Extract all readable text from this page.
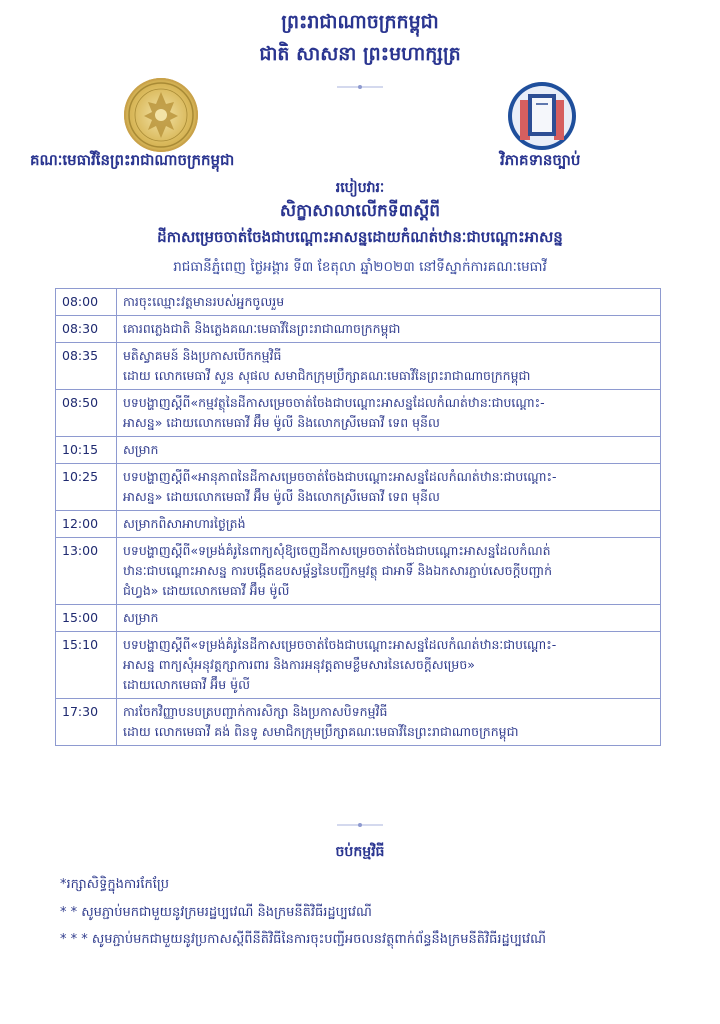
ព្រះរាជាណាចក្រកម្ពុជា
ជាតិ សាសនា ព្រះមហាក្សត្រ
គណៈមេធាវីនៃព្រះរាជាណាចក្រកម្ពុជា	វិភាគទានច្បាប់
របៀបវារៈ
សិក្ខាសាលាលើកទី៣ស្តីពី
ដីកាសម្រេចចាត់ចែងជាបណ្តោះអាសន្នដោយកំណត់ឋានៈជាបណ្តោះអាសន្ន
រាជធានីភ្នំពេញ ថ្ងៃអង្គារ ទី៣ ខែតុលា ឆ្នាំ២០២៣ នៅទីស្នាក់ការគណៈមេធាវី
08:00	ការចុះឈ្មោះវត្តមានរបស់អ្នកចូលរួម
08:30	គោរពភ្លេងជាតិ និងភ្លេងគណៈមេធាវីនៃព្រះរាជាណាចក្រកម្ពុជា
08:35	មតិស្វាគមន៍ និងប្រកាសបើកកម្មវិធី
ដោយ លោកមេធាវី សួន សុផល សមាជិកក្រុមប្រឹក្សាគណៈមេធាវីនៃព្រះរាជាណាចក្រកម្ពុជា
08:50	បទបង្ហាញស្តីពី«កម្មវត្ថុនៃដីកាសម្រេចចាត់ចែងជាបណ្តោះអាសន្នដែលកំណត់ឋានៈជាបណ្តោះ-
អាសន្ន» ដោយលោកមេធាវី អ៊ឹម ម៉ូលី និងលោកស្រីមេធាវី ទេព មុនីល
10:15	សម្រាក
10:25	បទបង្ហាញស្តីពី«អានុភាពនៃដីកាសម្រេចចាត់ចែងជាបណ្តោះអាសន្នដែលកំណត់ឋានៈជាបណ្តោះ-
អាសន្ន» ដោយលោកមេធាវី អ៊ឹម ម៉ូលី និងលោកស្រីមេធាវី ទេព មុនីល
12:00	សម្រាកពិសាអាហារថ្ងៃត្រង់
13:00	បទបង្ហាញស្តីពី«ទម្រង់គំរូនៃពាក្យសុំឱ្យចេញដីកាសម្រេចចាត់ចែងជាបណ្តោះអាសន្នដែលកំណត់
ឋានៈជាបណ្តោះអាសន្ន ការបង្កើតឧបសម្ព័ន្ធនៃបញ្ជីកម្មវត្ថុ ជាអាទិ៍ និងឯកសារភ្ជាប់សេចក្តីបញ្ជាក់
ជំហ្វង» ដោយលោកមេធាវី អ៊ឹម ម៉ូលី
15:00	សម្រាក
15:10	បទបង្ហាញស្តីពី«ទម្រង់គំរូនៃដីកាសម្រេចចាត់ចែងជាបណ្តោះអាសន្នដែលកំណត់ឋានៈជាបណ្តោះ-
អាសន្ន ពាក្យសុំអនុវត្តក្សាការពារ និងការអនុវត្តតាមខ្លឹមសារនៃសេចក្តីសម្រេច»
ដោយលោកមេធាវី អ៊ឹម ម៉ូលី
17:30	ការចែកវិញ្ញាបនបត្របញ្ជាក់ការសិក្សា និងប្រកាសបិទកម្មវិធី
ដោយ លោកមេធាវី គង់ ពិនទូ សមាជិកក្រុមប្រឹក្សាគណៈមេធាវីនៃព្រះរាជាណាចក្រកម្ពុជា
ចប់កម្មវិធី
*រក្សាសិទ្ធិក្នុងការកែប្រែ
* * សូមភ្ជាប់មកជាមួយនូវក្រមរដ្ឋប្បវេណី និងក្រមនីតិវិធីរដ្ឋប្បវេណី
* * * សូមភ្ជាប់មកជាមួយនូវប្រកាសស្តីពីនីតិវិធីនៃការចុះបញ្ជីអចលនវត្ថុពាក់ព័ន្ធនឹងក្រមនីតិវិធីរដ្ឋប្បវេណី
